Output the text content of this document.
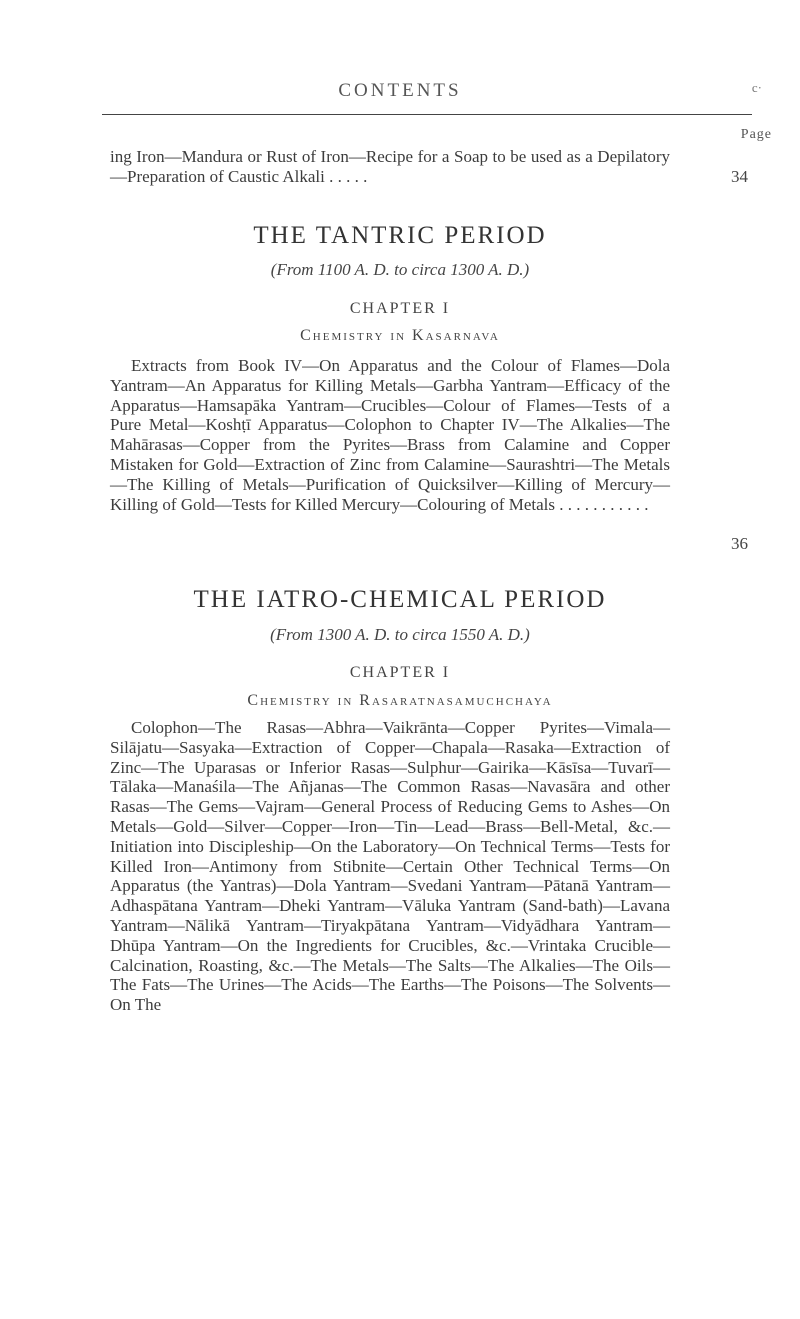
CONTENTS	c·
Page
ing Iron—Mandura or Rust of Iron—Recipe for a Soap to be used as a Depilatory—Preparation of Caustic Alkali . . . . .	34
THE TANTRIC PERIOD
(From 1100 A. D. to circa 1300 A. D.)
CHAPTER I
Chemistry in Kasarnava
Extracts from Book IV—On Apparatus and the Colour of Flames—Dola Yantram—An Apparatus for Killing Metals—Garbha Yantram—Efficacy of the Apparatus—Hamsapāka Yantram—Crucibles—Colour of Flames—Tests of a Pure Metal—Koshṭī Apparatus—Colophon to Chapter IV—The Alkalies—The Mahārasas—Copper from the Pyrites—Brass from Calamine and Copper Mistaken for Gold—Extraction of Zinc from Calamine—Saurashtri—The Metals—The Killing of Metals—Purification of Quicksilver—Killing of Mercury—Killing of Gold—Tests for Killed Mercury—Colouring of Metals . . . . . . . . . . .
36
THE IATRO-CHEMICAL PERIOD
(From 1300 A. D. to circa 1550 A. D.)
CHAPTER I
Chemistry in Rasaratnasamuchchaya
Colophon—The Rasas—Abhra—Vaikrānta—Copper Pyrites—Vimala—Silājatu—Sasyaka—Extraction of Copper—Chapala—Rasaka—Extraction of Zinc—The Uparasas or Inferior Rasas—Sulphur—Gairika—Kāsīsa—Tuvarī—Tālaka—Manaśila—The Añjanas—The Common Rasas—Navasāra and other Rasas—The Gems—Vajram—General Process of Reducing Gems to Ashes—On Metals—Gold—Silver—Copper—Iron—Tin—Lead—Brass—Bell-Metal, &c.—Initiation into Discipleship—On the Laboratory—On Technical Terms—Tests for Killed Iron—Antimony from Stibnite—Certain Other Technical Terms—On Apparatus (the Yantras)—Dola Yantram—Svedani Yantram—Pātanā Yantram—Adhaspātana Yantram—Dheki Yantram—Vāluka Yantram (Sand-bath)—Lavana Yantram—Nālikā Yantram—Tiryakpātana Yantram—Vidyādhara Yantram—Dhūpa Yantram—On the Ingredients for Crucibles, &c.—Vrintaka Crucible—Calcination, Roasting, &c.—The Metals—The Salts—The Alkalies—The Oils—The Fats—The Urines—The Acids—The Earths—The Poisons—The Solvents—On The
